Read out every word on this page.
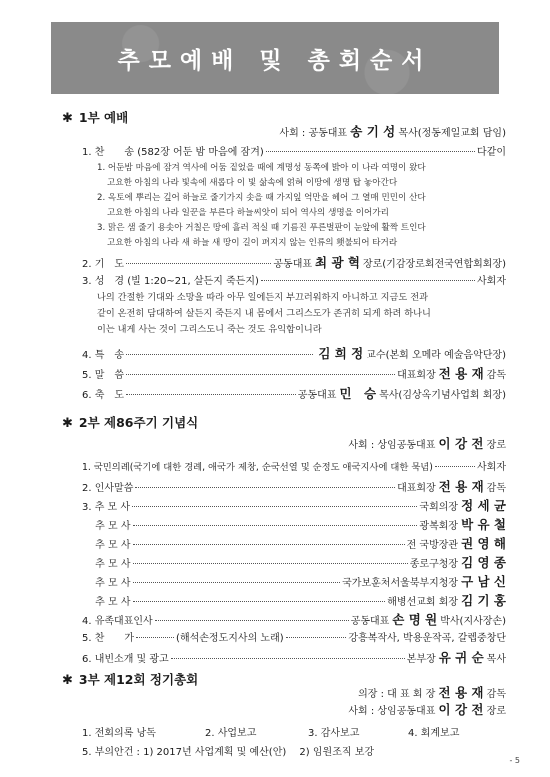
추모예배 및 총회순서
✱ 1부 예배
사회 : 공동대표 송 기 성 목사(정동제일교회 담임)
1. 찬　　송 (582장 어둔 밤 마음에 잠겨)	다같이
1. 어둔밤 마음에 잠겨 역사에 어둠 짙었을 때에 계명성 동쪽에 밝아 이 나라 여명이 왔다
고요한 아침의 나라 빛속에 새롭다 이 빛 삶속에 얽혀 이땅에 생명 탑 놓아간다
2. 옥토에 뿌리는 깊어 하늘로 줄기가지 솟을 때 가지잎 억만을 헤어 그 열매 민민이 산다
고요한 아침의 나라 일꾼을 부른다 하늘씨앗이 되어 역사의 생명을 이어가리
3. 맑은 샘 줄기 용솟아 거칠은 땅에 흘러 적실 때 기름진 푸른벌판이 눈앞에 활짝 트인다
고요한 아침의 나라 새 하늘 새 땅이 길이 펴지지 않는 인류의 횃불되어 타거라
2. 기　도	공동대표 최 광 혁 장로(기감장로회전국연합회회장)
3. 성　경 (빌 1:20~21, 살든지 죽든지)	사회자
나의 간절한 기대와 소망을 따라 아무 일에든지 부끄러워하지 아니하고 지금도 전과
같이 온전히 담대하여 살든지 죽든지 내 몸에서 그리스도가 존귀히 되게 하려 하나니
이는 내게 사는 것이 그리스도니 죽는 것도 유익함이니라
4. 특　송	김 희 정 교수(본회 오메라 예술음악단장)
5. 말　씀	대표회장 전 용 재 감독
6. 축　도	공동대표 민　승 목사(김상옥기념사업회 회장)
✱ 2부 제86주기 기념식
사회 : 상임공동대표 이 강 전 장로
1. 국민의례(국기에 대한 경례, 애국가 제창, 순국선열 및 순정도 애국지사에 대한 묵념)	사회자
2. 인사말씀	대표회장 전 용 재 감독
3. 추 모 사	국회의장 정 세 균
　 추 모 사	광복회장 박 유 철
　 추 모 사	전 국방장관 권 영 해
　 추 모 사	종로구청장 김 영 종
　 추 모 사	국가보훈처서울북부지청장 구 남 신
　 추 모 사	해병선교회 회장 김 기 홍
4. 유족대표인사	공동대표 손 명 원 박사(지사장손)
5. 찬　　가	(해석손정도지사의 노래)	강흥복작사, 박용운작곡, 갈렙중창단
6. 내빈소개 및 광고	본부장 유 귀 순 목사
✱ 3부 제12회 정기총회
의장 : 대 표 회 장 전 용 재 감독
사회 : 상임공동대표 이 강 전 장로
1. 전회의록 낭독	2. 사업보고	3. 감사보고	4. 회계보고
5. 부의안건 : 1) 2017년 사업계획 및 예산(안)　 2) 임원조직 보강
- 5
